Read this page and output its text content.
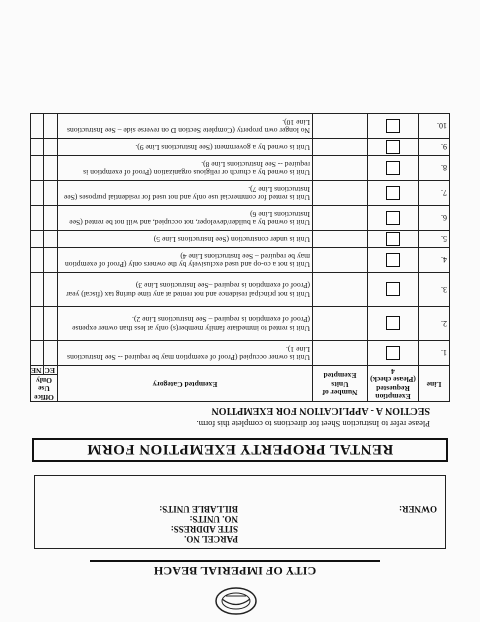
CITY OF IMPERIAL BEACH
OWNER:
PARCEL NO.
SITE ADDRESS:
NO. UNITS:
BILLABLE UNITS:
RENTAL PROPERTY EXEMPTION FORM
Please refer to Instruction Sheet for directions to complete this form.
SECTION A - APPLICATION FOR EXEMPTION
Line	Exemption Requested (Please check) 4	Number of Units Exempted	Exempted Category	Office Use Only	
				EC	NE
1.			Unit is owner occupied (Proof of exemption may be required -- See Instructions Line 1).		
2.			Unit is rented to immediate family member(s) only at less than owner expense (Proof of exemption is required – See Instructions Line 2).		
3.			Unit is not principal residence and not rented at any time during tax (fiscal) year (Proof of exemption is required –See Instructions Line 3)		
4.			Unit is not a co-op and used exclusively by the owners only (Proof of exemption may be required – See Instructions Line 4)		
5.			Unit is under construction (See Instructions Line 5)		
6.			Unit is owned by a builder/developer, not occupied, and will not be rented (See Instructions Line 6)		
7.			Unit is rented for commercial use only and not used for residential purposes (See Instructions Line 7).		
8.			Unit is owned by a church or religious organization (Proof of exemption is required -- See Instructions Line 8).		
9.			Unit is owned by a government (See Instructions Line 9).		
10.			No longer own property (Complete Section D on reverse side – See Instructions Line 10).		
